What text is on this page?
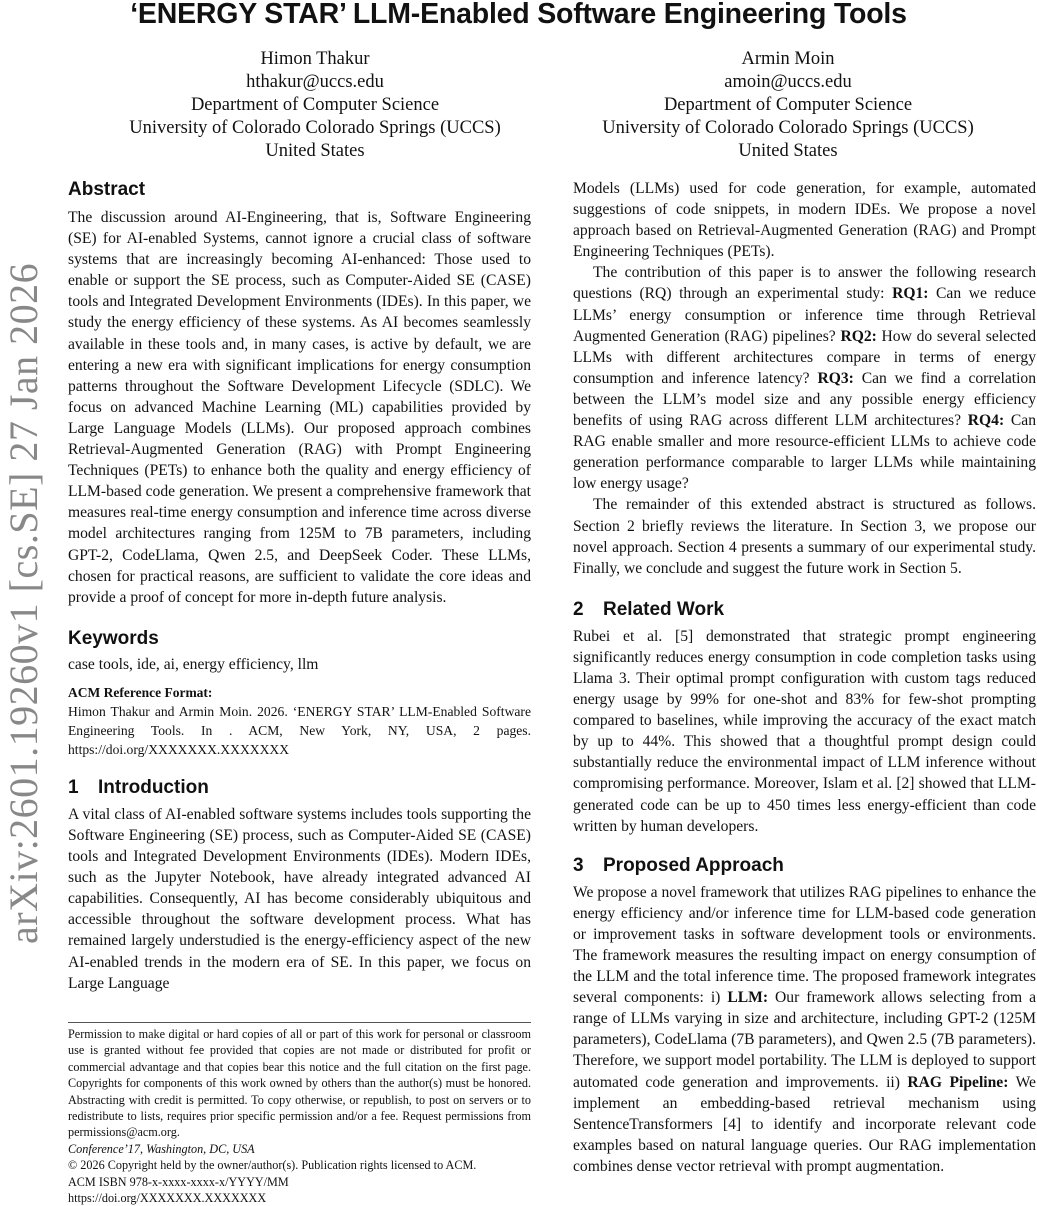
‘ENERGY STAR’ LLM-Enabled Software Engineering Tools
Himon Thakur
hthakur@uccs.edu
Department of Computer Science
University of Colorado Colorado Springs (UCCS)
United States
Armin Moin
amoin@uccs.edu
Department of Computer Science
University of Colorado Colorado Springs (UCCS)
United States
arXiv:2601.19260v1 [cs.SE] 27 Jan 2026
Abstract

The discussion around AI-Engineering, that is, Software Engineering (SE) for AI-enabled Systems, cannot ignore a crucial class of software systems that are increasingly becoming AI-enhanced: Those used to enable or support the SE process, such as Computer-Aided SE (CASE) tools and Integrated Development Environments (IDEs). In this paper, we study the energy efficiency of these systems. As AI becomes seamlessly available in these tools and, in many cases, is active by default, we are entering a new era with significant implications for energy consumption patterns throughout the Software Development Lifecycle (SDLC). We focus on advanced Machine Learning (ML) capabilities provided by Large Language Models (LLMs). Our proposed approach combines Retrieval-Augmented Generation (RAG) with Prompt Engineering Techniques (PETs) to enhance both the quality and energy efficiency of LLM-based code generation. We present a comprehensive framework that measures real-time energy consumption and inference time across diverse model architectures ranging from 125M to 7B parameters, including GPT-2, CodeLlama, Qwen 2.5, and DeepSeek Coder. These LLMs, chosen for practical reasons, are sufficient to validate the core ideas and provide a proof of concept for more in-depth future analysis.

Keywords

case tools, ide, ai, energy efficiency, llm

ACM Reference Format:

Himon Thakur and Armin Moin. 2026. ‘ENERGY STAR’ LLM-Enabled Software Engineering Tools. In . ACM, New York, NY, USA, 2 pages. https://doi.org/XXXXXXX.XXXXXXX

1 Introduction

A vital class of AI-enabled software systems includes tools supporting the Software Engineering (SE) process, such as Computer-Aided SE (CASE) tools and Integrated Development Environments (IDEs). Modern IDEs, such as the Jupyter Notebook, have already integrated advanced AI capabilities. Consequently, AI has become considerably ubiquitous and accessible throughout the software development process. What has remained largely understudied is the energy-efficiency aspect of the new AI-enabled trends in the modern era of SE. In this paper, we focus on Large Language

Models (LLMs) used for code generation, for example, automated suggestions of code snippets, in modern IDEs. We propose a novel approach based on Retrieval-Augmented Generation (RAG) and Prompt Engineering Techniques (PETs).

The contribution of this paper is to answer the following research questions (RQ) through an experimental study: RQ1: Can we reduce LLMs’ energy consumption or inference time through Retrieval Augmented Generation (RAG) pipelines? RQ2: How do several selected LLMs with different architectures compare in terms of energy consumption and inference latency? RQ3: Can we find a correlation between the LLM’s model size and any possible energy efficiency benefits of using RAG across different LLM architectures? RQ4: Can RAG enable smaller and more resource-efficient LLMs to achieve code generation performance comparable to larger LLMs while maintaining low energy usage?

The remainder of this extended abstract is structured as follows. Section 2 briefly reviews the literature. In Section 3, we propose our novel approach. Section 4 presents a summary of our experimental study. Finally, we conclude and suggest the future work in Section 5.

2 Related Work

Rubei et al. [5] demonstrated that strategic prompt engineering significantly reduces energy consumption in code completion tasks using Llama 3. Their optimal prompt configuration with custom tags reduced energy usage by 99% for one-shot and 83% for few-shot prompting compared to baselines, while improving the accuracy of the exact match by up to 44%. This showed that a thoughtful prompt design could substantially reduce the environmental impact of LLM inference without compromising performance. Moreover, Islam et al. [2] showed that LLM-generated code can be up to 450 times less energy-efficient than code written by human developers.

3 Proposed Approach

We propose a novel framework that utilizes RAG pipelines to enhance the energy efficiency and/or inference time for LLM-based code generation or improvement tasks in software development tools or environments. The framework measures the resulting impact on energy consumption of the LLM and the total inference time. The proposed framework integrates several components: i) LLM: Our framework allows selecting from a range of LLMs varying in size and architecture, including GPT-2 (125M parameters), CodeLlama (7B parameters), and Qwen 2.5 (7B parameters). Therefore, we support model portability. The LLM is deployed to support automated code generation and improvements. ii) RAG Pipeline: We implement an embedding-based retrieval mechanism using SentenceTransformers [4] to identify and incorporate relevant code examples based on natural language queries. Our RAG implementation combines dense vector retrieval with prompt augmentation.

Permission to make digital or hard copies of all or part of this work for personal or classroom use is granted without fee provided that copies are not made or distributed for profit or commercial advantage and that copies bear this notice and the full citation on the first page. Copyrights for components of this work owned by others than the author(s) must be honored. Abstracting with credit is permitted. To copy otherwise, or republish, to post on servers or to redistribute to lists, requires prior specific permission and/or a fee. Request permissions from permissions@acm.org.

Conference’17, Washington, DC, USA

© 2026 Copyright held by the owner/author(s). Publication rights licensed to ACM.

ACM ISBN 978-x-xxxx-xxxx-x/YYYY/MM

https://doi.org/XXXXXXX.XXXXXXX
